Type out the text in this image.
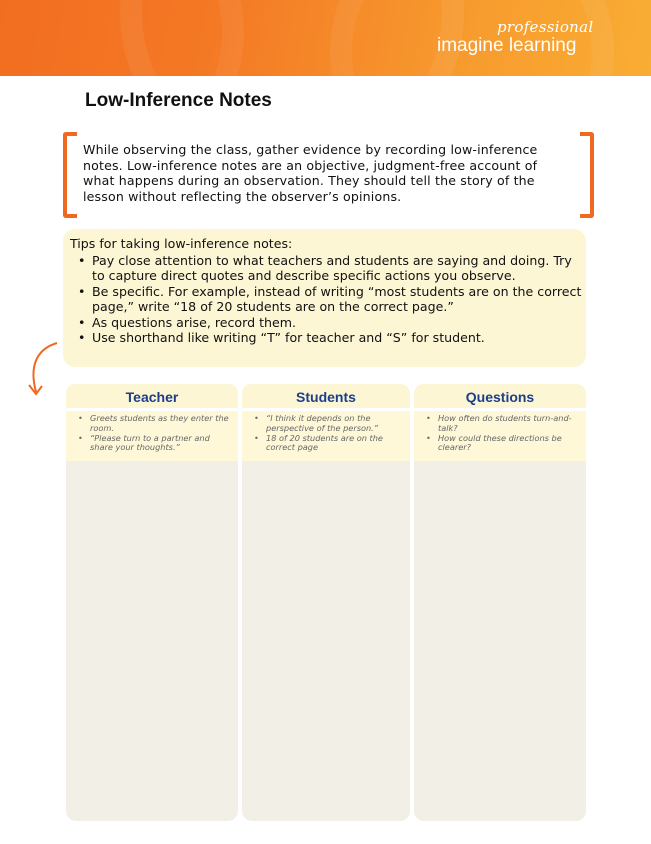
professional
imagine learning
Low-Inference Notes
While observing the class, gather evidence by recording low-inference
notes. Low-inference notes are an objective, judgment-free account of
what happens during an observation. They should tell the story of the
lesson without reflecting the observer’s opinions.
Tips for taking low-inference notes:
• Pay close attention to what teachers and students are saying and doing. Try to capture direct quotes and describe specific actions you observe.
• Be specific. For example, instead of writing “most students are on the correct page,” write “18 of 20 students are on the correct page.”
• As questions arise, record them.
• Use shorthand like writing “T” for teacher and “S” for student.
Teacher
• Greets students as they enter the room.
• “Please turn to a partner and share your thoughts.”
Students
• “I think it depends on the perspective of the person.”
• 18 of 20 students are on the correct page
Questions
• How often do students turn-and-talk?
• How could these directions be clearer?
